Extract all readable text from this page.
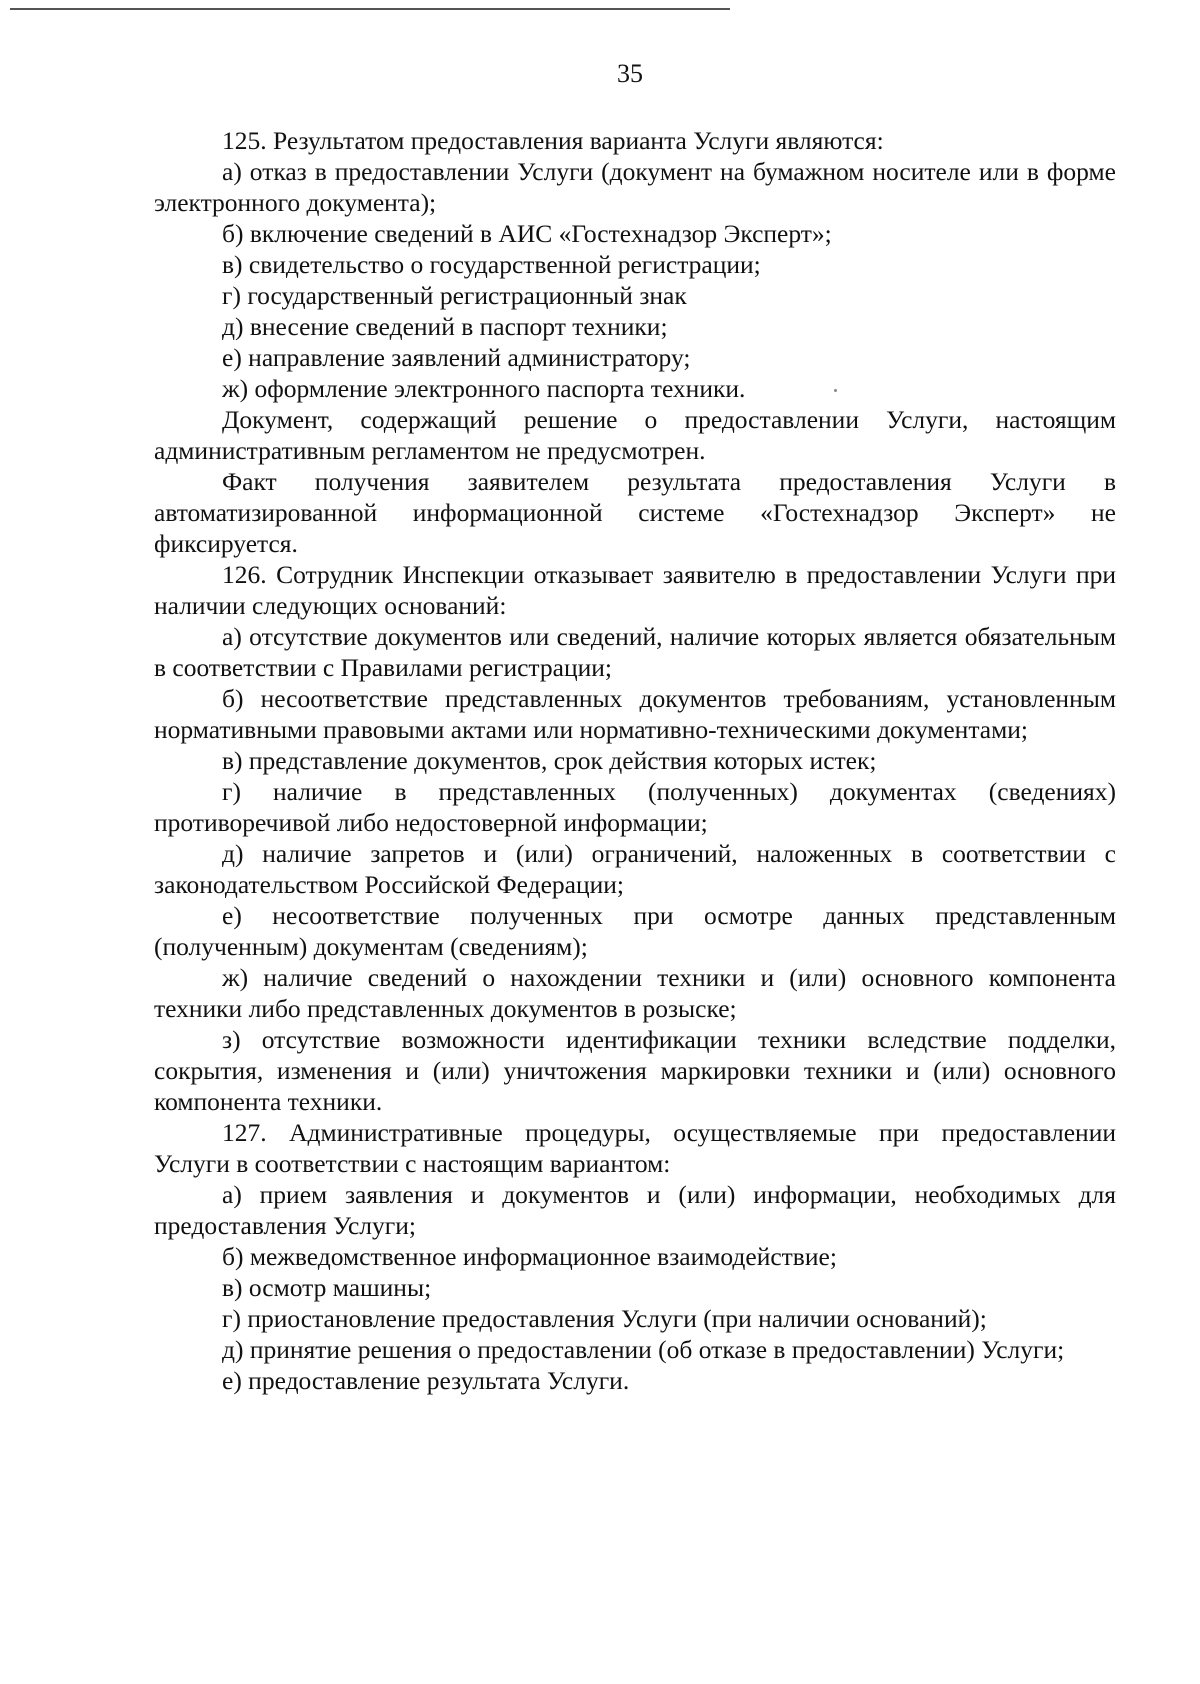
35

125. Результатом предоставления варианта Услуги являются:

а) отказ в предоставлении Услуги (документ на бумажном носителе или в форме электронного документа);

б) включение сведений в АИС «Гостехнадзор Эксперт»;

в) свидетельство о государственной регистрации;

г) государственный регистрационный знак

д) внесение сведений в паспорт техники;

е) направление заявлений администратору;

ж) оформление электронного паспорта техники.

Документ, содержащий решение о предоставлении Услуги, настоящим административным регламентом не предусмотрен.

Факт получения заявителем результата предоставления Услуги в автоматизированной информационной системе «Гостехнадзор Эксперт» не фиксируется.

126. Сотрудник Инспекции отказывает заявителю в предоставлении Услуги при наличии следующих оснований:

а) отсутствие документов или сведений, наличие которых является обязательным в соответствии с Правилами регистрации;

б) несоответствие представленных документов требованиям, установленным нормативными правовыми актами или нормативно-техническими документами;

в) представление документов, срок действия которых истек;

г) наличие в представленных (полученных) документах (сведениях) противоречивой либо недостоверной информации;

д) наличие запретов и (или) ограничений, наложенных в соответствии с законодательством Российской Федерации;

е) несоответствие полученных при осмотре данных представленным (полученным) документам (сведениям);

ж) наличие сведений о нахождении техники и (или) основного компонента техники либо представленных документов в розыске;

з) отсутствие возможности идентификации техники вследствие подделки, сокрытия, изменения и (или) уничтожения маркировки техники и (или) основного компонента техники.

127. Административные процедуры, осуществляемые при предоставлении Услуги в соответствии с настоящим вариантом:

а) прием заявления и документов и (или) информации, необходимых для предоставления Услуги;

б) межведомственное информационное взаимодействие;

в) осмотр машины;

г) приостановление предоставления Услуги (при наличии оснований);

д) принятие решения о предоставлении (об отказе в предоставлении) Услуги;

е) предоставление результата Услуги.
